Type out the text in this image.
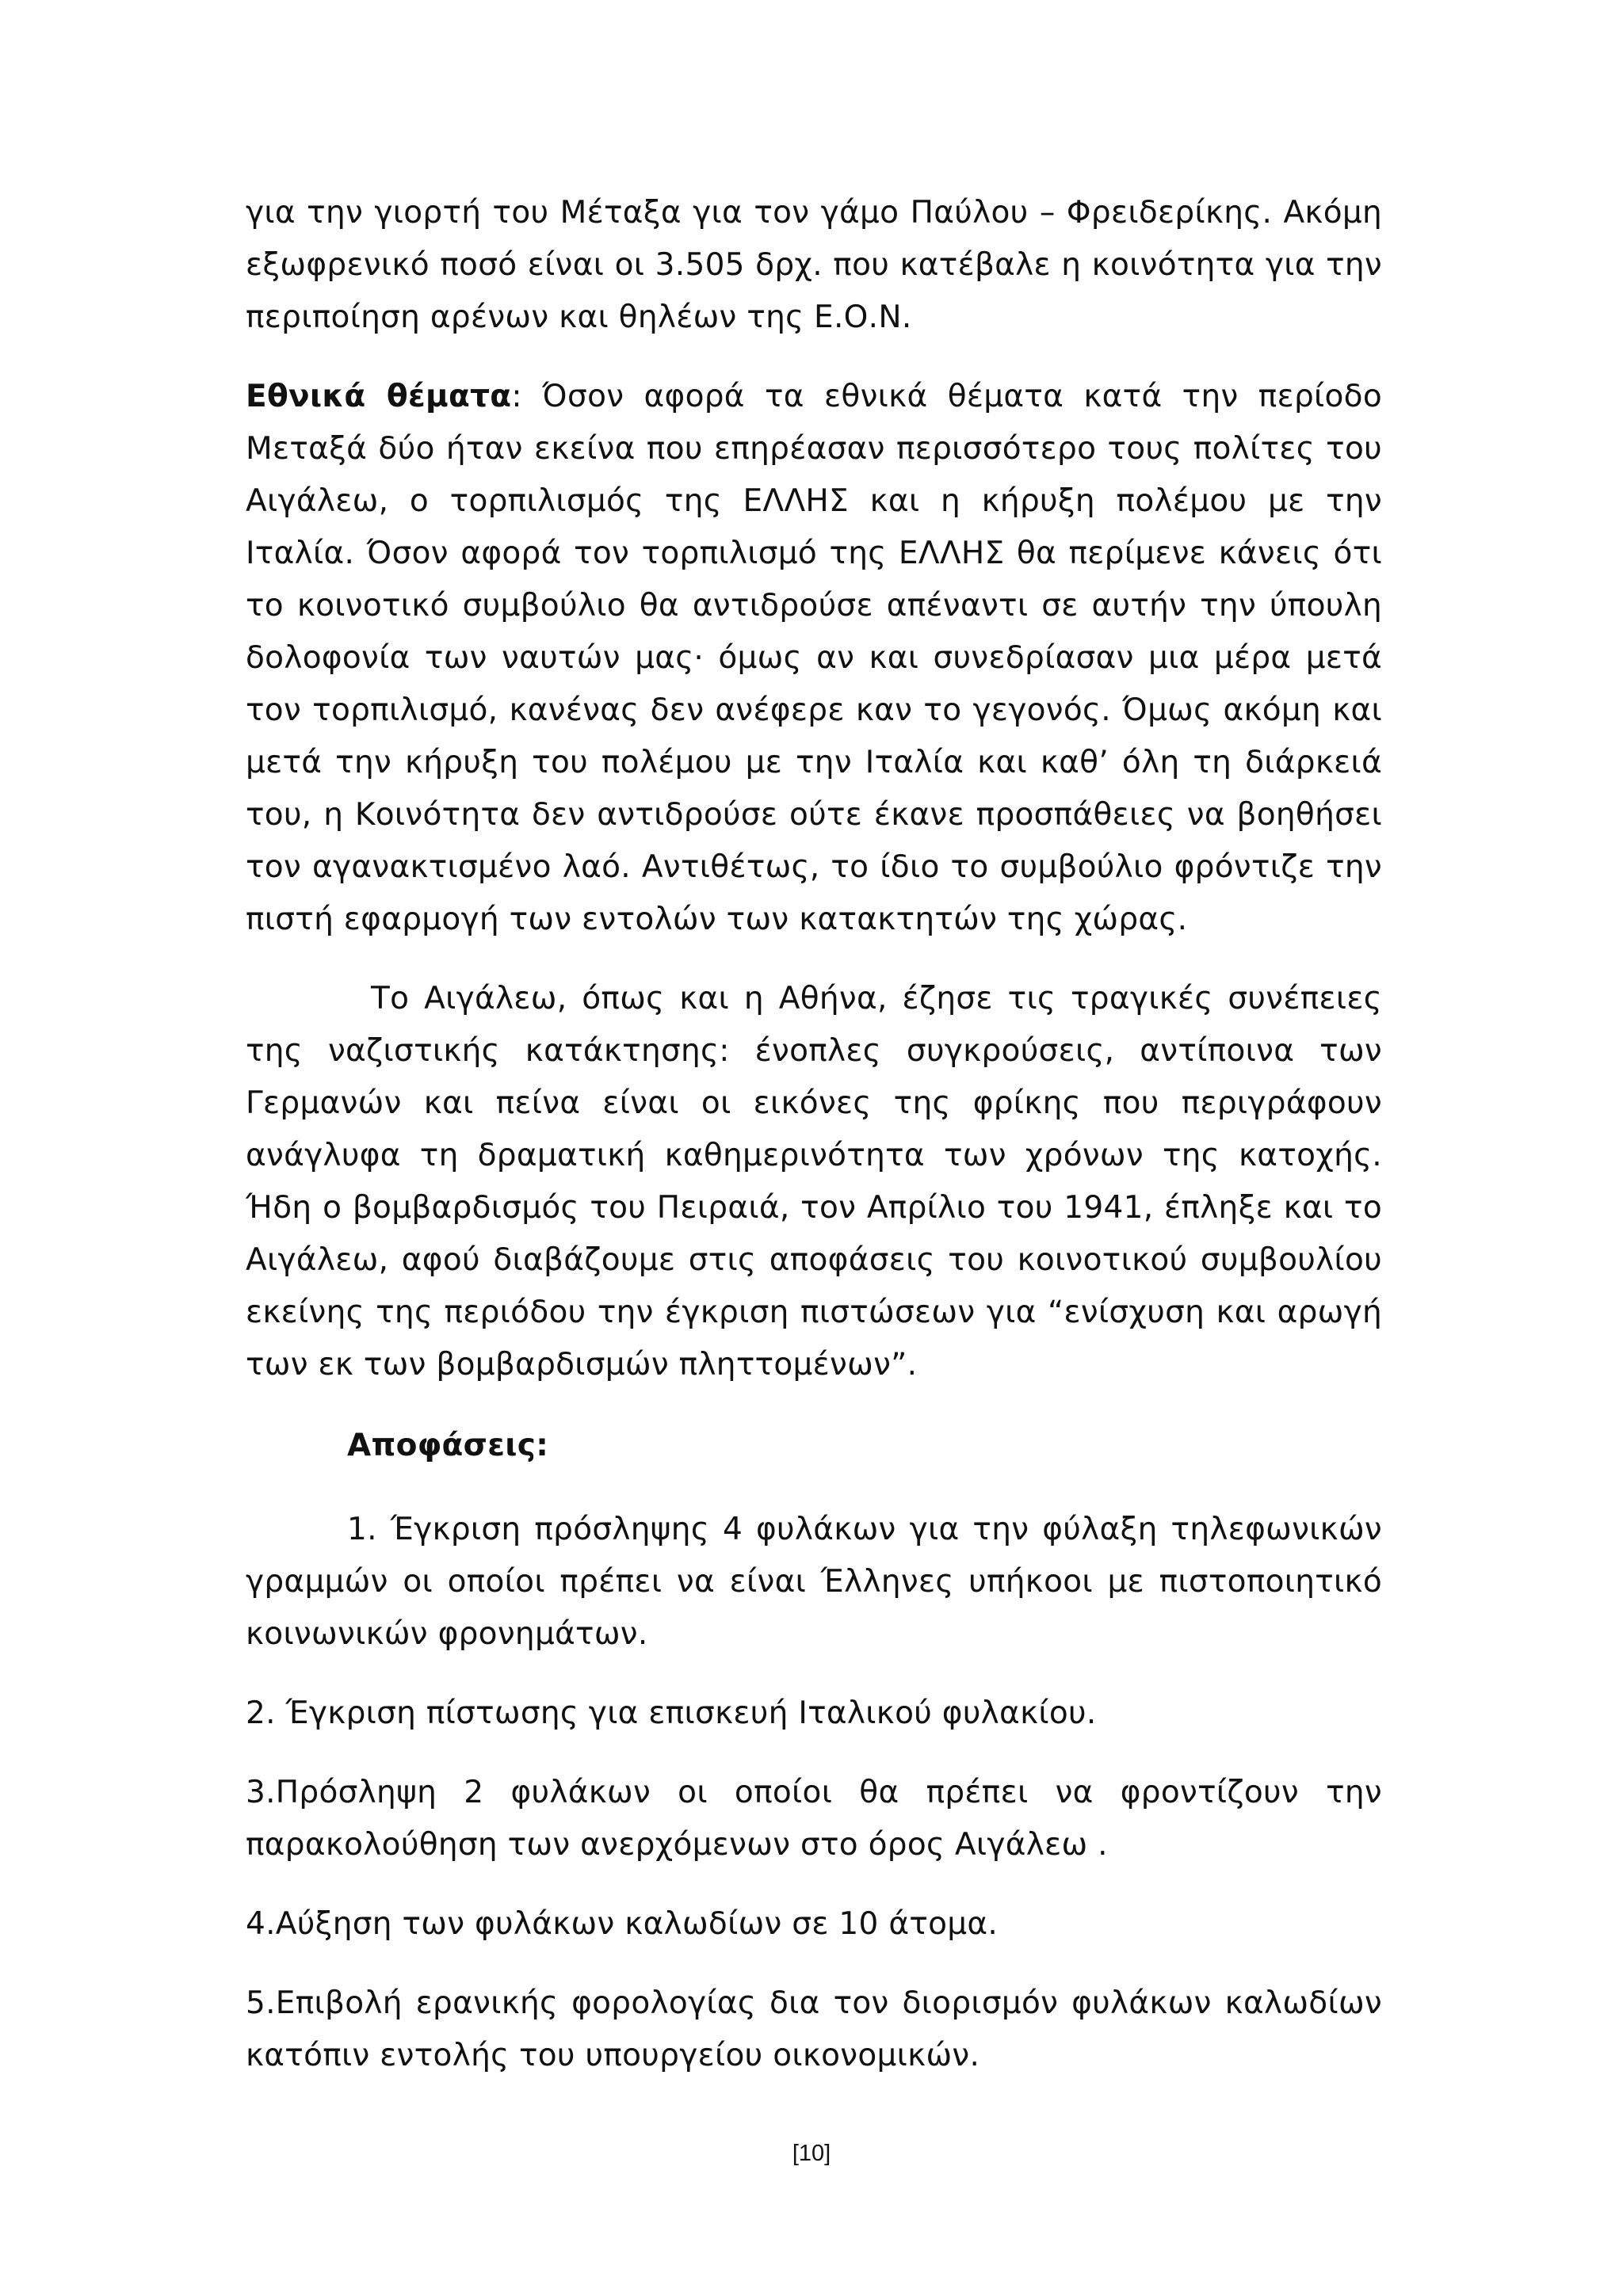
για την γιορτή του Μέταξα για τον γάμο Παύλου – Φρειδερίκης. Ακόμη εξωφρενικό ποσό είναι οι 3.505 δρχ. που κατέβαλε η κοινότητα για την περιποίηση αρένων και θηλέων της Ε.Ο.Ν.

Εθνικά θέματα: Όσον αφορά τα εθνικά θέματα κατά την περίοδο Μεταξά δύο ήταν εκείνα που επηρέασαν περισσότερο τους πολίτες του Αιγάλεω, ο τορπιλισμός της ΕΛΛΗΣ και η κήρυξη πολέμου με την Ιταλία. Όσον αφορά τον τορπιλισμό της ΕΛΛΗΣ θα περίμενε κάνεις ότι το κοινοτικό συμβούλιο θα αντιδρούσε απέναντι σε αυτήν την ύπουλη δολοφονία των ναυτών μας· όμως αν και συνεδρίασαν μια μέρα μετά τον τορπιλισμό, κανένας δεν ανέφερε καν το γεγονός. Όμως ακόμη και μετά την κήρυξη του πολέμου με την Ιταλία και καθ’ όλη τη διάρκειά του, η Κοινότητα δεν αντιδρούσε ούτε έκανε προσπάθειες να βοηθήσει τον αγανακτισμένο λαό. Αντιθέτως, το ίδιο το συμβούλιο φρόντιζε την πιστή εφαρμογή των εντολών των κατακτητών της χώρας.

Το Αιγάλεω, όπως και η Αθήνα, έζησε τις τραγικές συνέπειες της ναζιστικής κατάκτησης: ένοπλες συγκρούσεις, αντίποινα των Γερμανών και πείνα είναι οι εικόνες της φρίκης που περιγράφουν ανάγλυφα τη δραματική καθημερινότητα των χρόνων της κατοχής. Ήδη ο βομβαρδισμός του Πειραιά, τον Απρίλιο του 1941, έπληξε και το Αιγάλεω, αφού διαβάζουμε στις αποφάσεις του κοινοτικού συμβουλίου εκείνης της περιόδου την έγκριση πιστώσεων για “ενίσχυση και αρωγή των εκ των βομβαρδισμών πληττομένων”.

Αποφάσεις:

1. Έγκριση πρόσληψης 4 φυλάκων για την φύλαξη τηλεφωνικών γραμμών οι οποίοι πρέπει να είναι Έλληνες υπήκοοι με πιστοποιητικό κοινωνικών φρονημάτων.

2. Έγκριση πίστωσης για επισκευή Ιταλικού φυλακίου.

3.Πρόσληψη 2 φυλάκων οι οποίοι θα πρέπει να φροντίζουν την παρακολούθηση των ανερχόμενων στο όρος Αιγάλεω .

4.Αύξηση των φυλάκων καλωδίων σε 10 άτομα.

5.Επιβολή ερανικής φορολογίας δια τον διορισμόν φυλάκων καλωδίων κατόπιν εντολής του υπουργείου οικονομικών.

[10]
